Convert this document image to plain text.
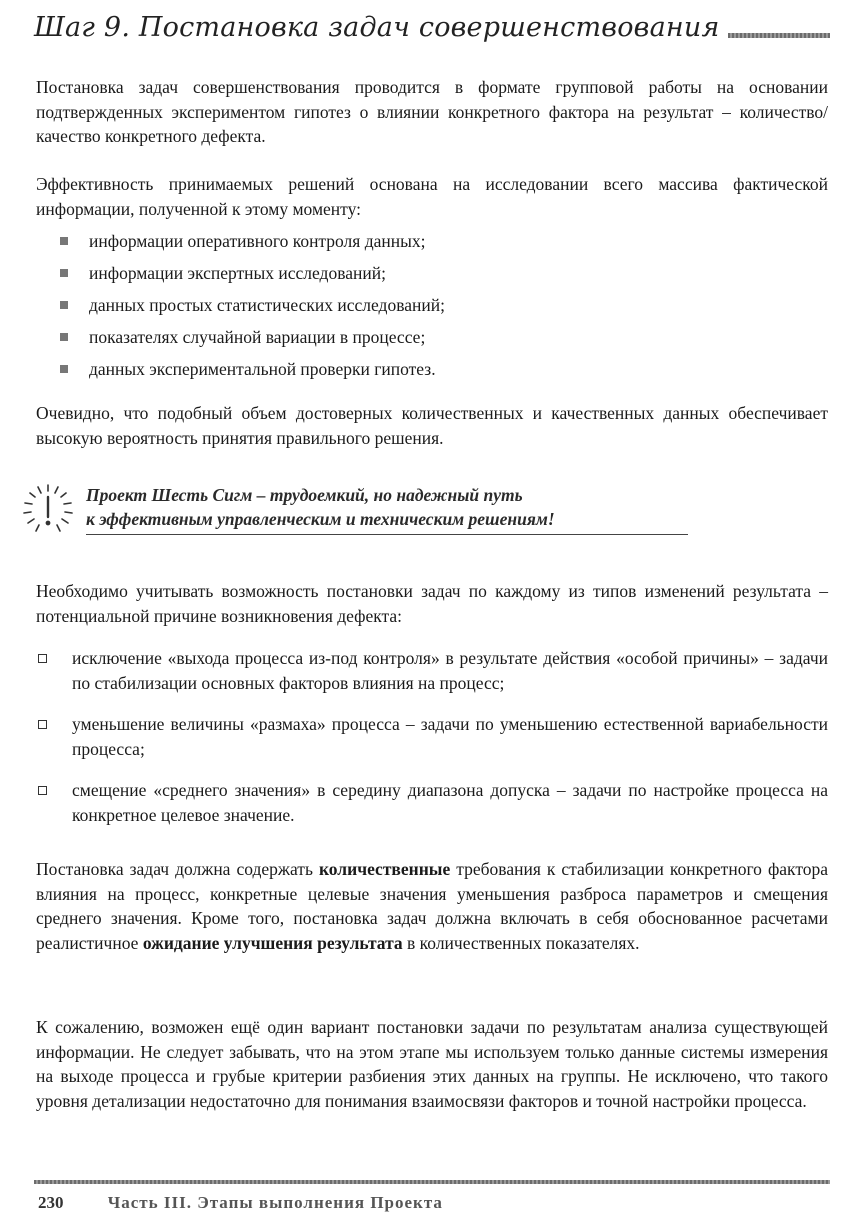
Шаг 9. Постановка задач совершенствования

Постановка задач совершенствования проводится в формате групповой работы на основании подтвержденных экспериментом гипотез о влиянии конкретного фактора на результат – количество/качество конкретного дефекта.

Эффективность принимаемых решений основана на исследовании всего массива фактической информации, полученной к этому моменту:

информации оперативного контроля данных;
информации экспертных исследований;
данных простых статистических исследований;
показателях случайной вариации в процессе;
данных экспериментальной проверки гипотез.

Очевидно, что подобный объем достоверных количественных и качественных данных обеспечивает высокую вероятность принятия правильного решения.

Проект Шесть Сигм – трудоемкий, но надежный путь
к эффективным управленческим и техническим решениям!

Необходимо учитывать возможность постановки задач по каждому из типов изменений результата – потенциальной причине возникновения дефекта:

исключение «выхода процесса из-под контроля» в результате действия «особой причины» – задачи по стабилизации основных факторов влияния на процесс;
уменьшение величины «размаха» процесса – задачи по уменьшению естественной вариабельности процесса;
смещение «среднего значения» в середину диапазона допуска – задачи по настройке процесса на конкретное целевое значение.

Постановка задач должна содержать количественные требования к стабилизации конкретного фактора влияния на процесс, конкретные целевые значения уменьшения разброса параметров и смещения среднего значения. Кроме того, постановка задач должна включать в себя обоснованное расчетами реалистичное ожидание улучшения результата в количественных показателях.

К сожалению, возможен ещё один вариант постановки задачи по результатам анализа существующей информации. Не следует забывать, что на этом этапе мы используем только данные системы измерения на выходе процесса и грубые критерии разбиения этих данных на группы. Не исключено, что такого уровня детализации недостаточно для понимания взаимосвязи факторов и точной настройки процесса.

230	Часть III. Этапы выполнения Проекта
